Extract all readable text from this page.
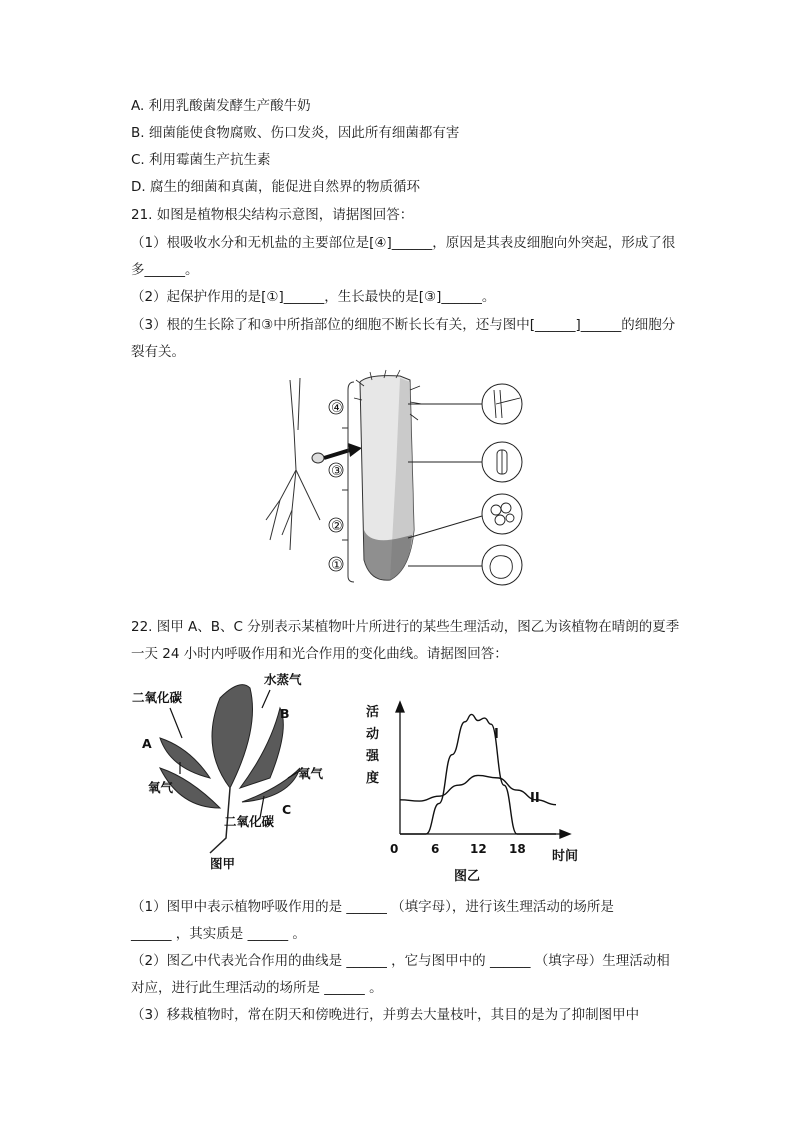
A. 利用乳酸菌发酵生产酸牛奶
B. 细菌能使食物腐败、伤口发炎，因此所有细菌都有害
C. 利用霉菌生产抗生素
D. 腐生的细菌和真菌，能促进自然界的物质循环
21. 如图是植物根尖结构示意图，请据图回答：
（1）根吸收水分和无机盐的主要部位是[④]______，原因是其表皮细胞向外突起，形成了很
多______。
（2）起保护作用的是[①]______，生长最快的是[③]______。
（3）根的生长除了和③中所指部位的细胞不断长长有关，还与图中[______]______的细胞分
裂有关。
④
③
②
①
22. 图甲 A、B、C 分别表示某植物叶片所进行的某些生理活动，图乙为该植物在晴朗的夏季
一天 24 小时内呼吸作用和光合作用的变化曲线。请据图回答：
二氧化碳
水蒸气
A
B
氧气
氧气
C
二氧化碳
图甲
活
动
强
度
时间
图乙
I
II
0	6	12 18
（1）图甲中表示植物呼吸作用的是 ______ （填字母），进行该生理活动的场所是
______ ，其实质是 ______ 。
（2）图乙中代表光合作用的曲线是 ______ ，它与图甲中的 ______ （填字母）生理活动相
对应，进行此生理活动的场所是 ______ 。
（3）移栽植物时，常在阴天和傍晚进行，并剪去大量枝叶，其目的是为了抑制图甲中
